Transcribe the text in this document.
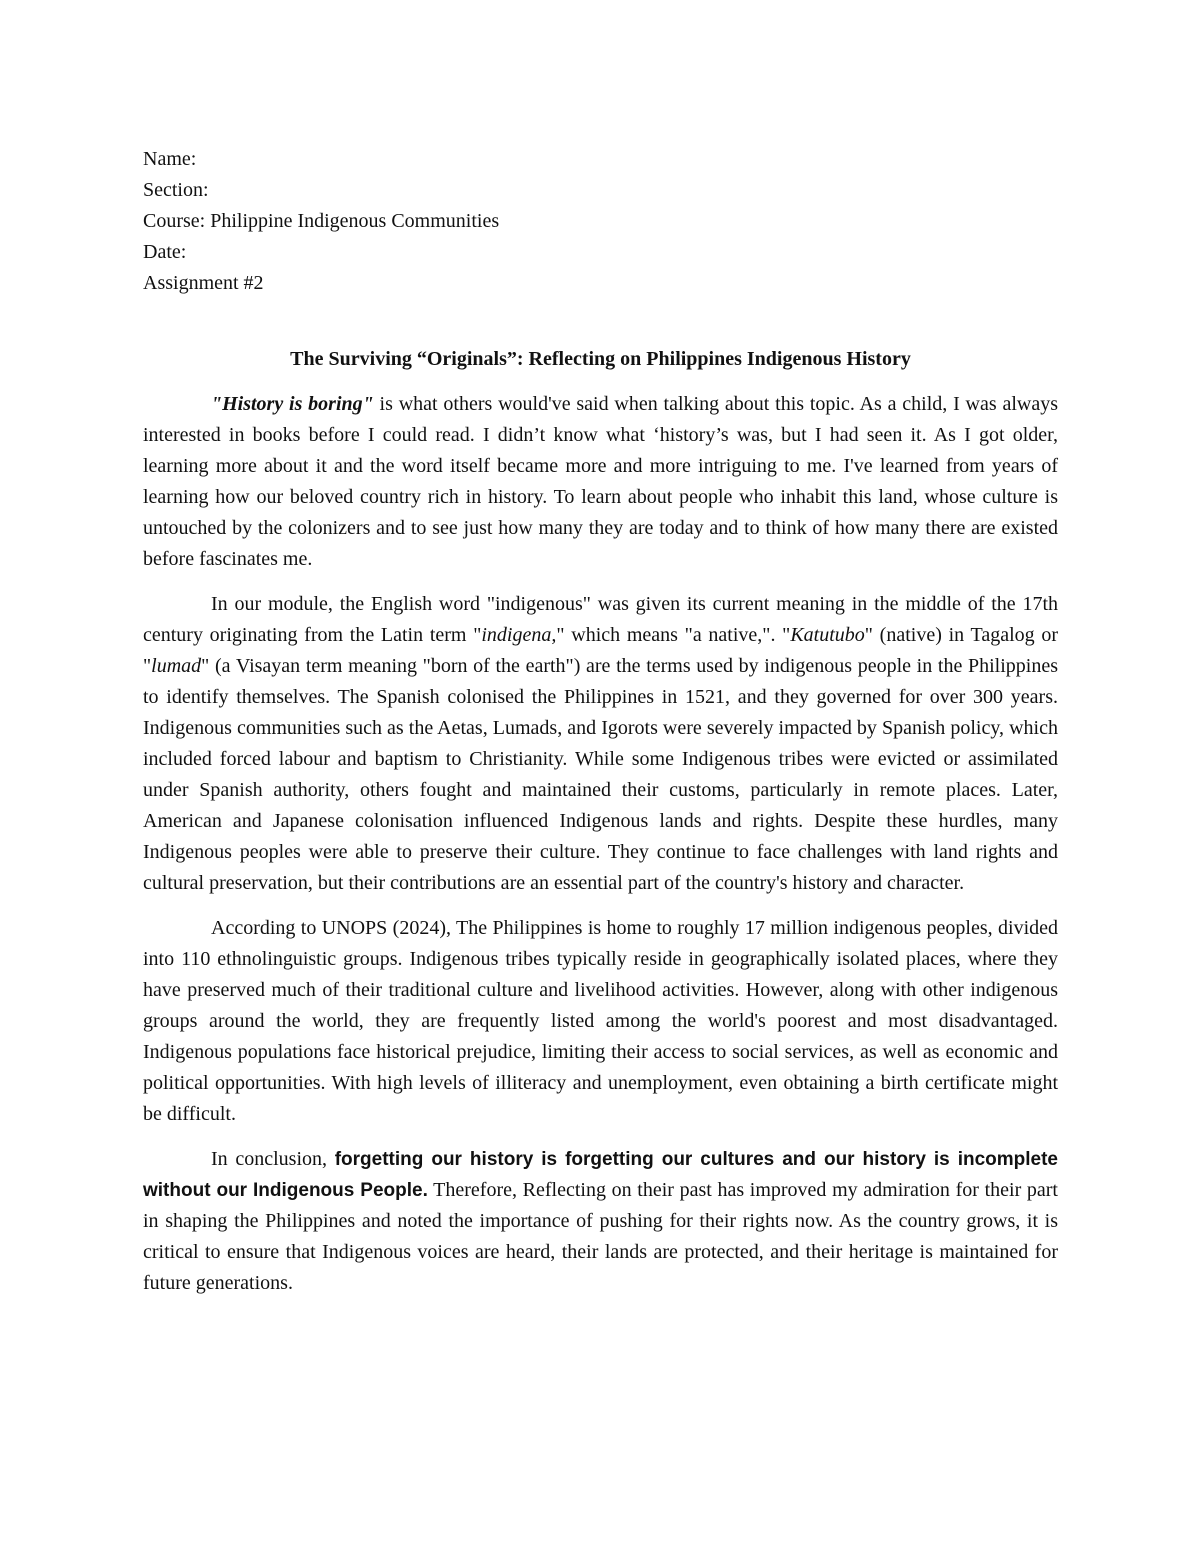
Name:
Section:
Course: Philippine Indigenous Communities
Date:
Assignment #2
The Surviving “Originals”: Reflecting on Philippines Indigenous History

"History is boring" is what others would've said when talking about this topic. As a child, I was always interested in books before I could read. I didn’t know what ‘history’s was, but I had seen it. As I got older, learning more about it and the word itself became more and more intriguing to me. I've learned from years of learning how our beloved country rich in history. To learn about people who inhabit this land, whose culture is untouched by the colonizers and to see just how many they are today and to think of how many there are existed before fascinates me.

In our module, the English word "indigenous" was given its current meaning in the middle of the 17th century originating from the Latin term "indigena," which means "a native,". "Katutubo" (native) in Tagalog or "lumad" (a Visayan term meaning "born of the earth") are the terms used by indigenous people in the Philippines to identify themselves. The Spanish colonised the Philippines in 1521, and they governed for over 300 years. Indigenous communities such as the Aetas, Lumads, and Igorots were severely impacted by Spanish policy, which included forced labour and baptism to Christianity. While some Indigenous tribes were evicted or assimilated under Spanish authority, others fought and maintained their customs, particularly in remote places. Later, American and Japanese colonisation influenced Indigenous lands and rights. Despite these hurdles, many Indigenous peoples were able to preserve their culture. They continue to face challenges with land rights and cultural preservation, but their contributions are an essential part of the country's history and character.

According to UNOPS (2024), The Philippines is home to roughly 17 million indigenous peoples, divided into 110 ethnolinguistic groups. Indigenous tribes typically reside in geographically isolated places, where they have preserved much of their traditional culture and livelihood activities. However, along with other indigenous groups around the world, they are frequently listed among the world's poorest and most disadvantaged. Indigenous populations face historical prejudice, limiting their access to social services, as well as economic and political opportunities. With high levels of illiteracy and unemployment, even obtaining a birth certificate might be difficult.

In conclusion, forgetting our history is forgetting our cultures and our history is incomplete without our Indigenous People. Therefore, Reflecting on their past has improved my admiration for their part in shaping the Philippines and noted the importance of pushing for their rights now. As the country grows, it is critical to ensure that Indigenous voices are heard, their lands are protected, and their heritage is maintained for future generations.
